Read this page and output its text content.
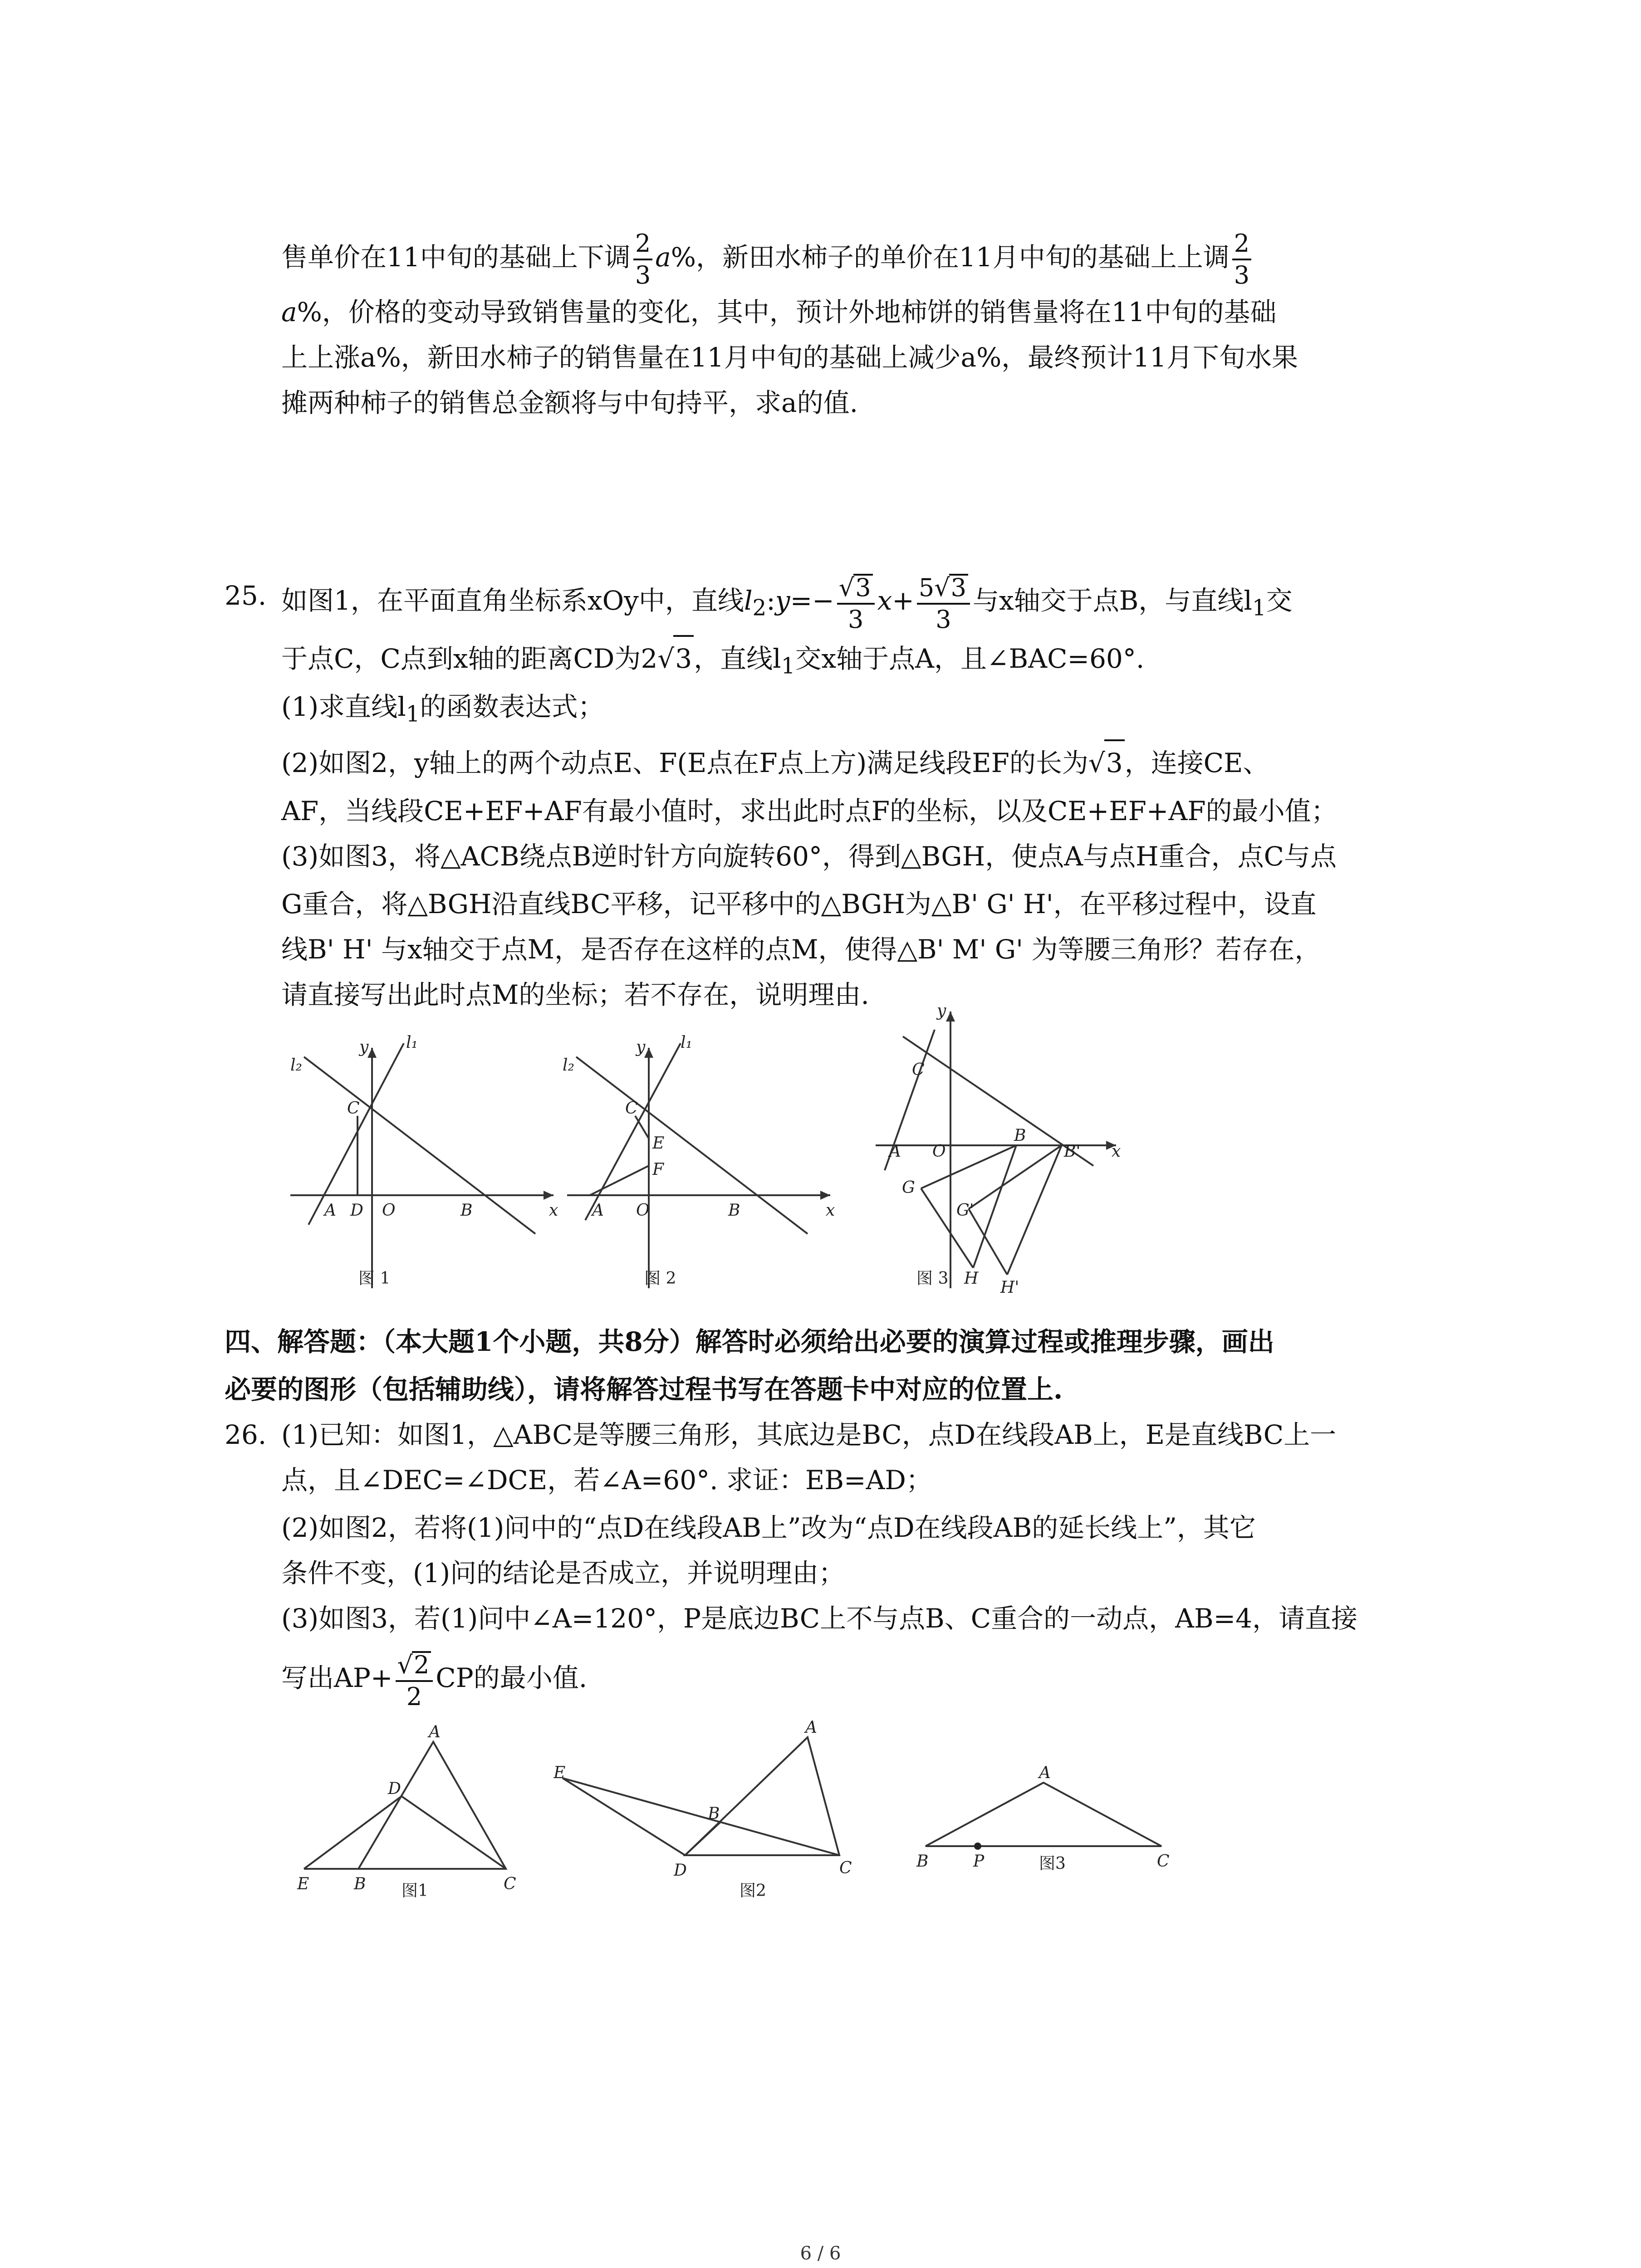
售单价在11中旬的基础上下调 $\frac{2}{3} a\%$，新田水柿子的单价在11月中旬的基础上上调 $\frac{2}{3}$
a%，价格的变动导致销售量的变化，其中，预计外地柿饼的销售量将在11中旬的基础
上上涨a%，新田水柿子的销售量在11月中旬的基础上减少a%，最终预计11月下旬水果
摊两种柿子的销售总金额将与中旬持平，求a的值.
25. 如图1，在平面直角坐标系xOy中，直线$l_2:y=- \frac{√3}{3} x+ \frac{5√3}{3}$ 与x轴交于点B，与直线$l_1$交
于点C，C点到x轴的距离CD为2√3，直线$l_1$交x轴于点A，且∠BAC=60°.
(1)求直线$l_1$的函数表达式；
(2)如图2，y轴上的两个动点E、F(E点在F点上方)满足线段EF的长为√3，连接CE、
AF，当线段CE+EF+AF有最小值时，求出此时点F的坐标，以及CE+EF+AF的最小值；
(3)如图3，将△ACB绕点B逆时针方向旋转60°，得到△BGH，使点A与点H重合，点C与点
G重合，将△BGH沿直线BC平移，记平移中的△BGH为△B' G' H'，在平移过程中，设直
线B' H' 与x轴交于点M，是否存在这样的点M，使得△B' M' G' 为等腰三角形？若存在，
请直接写出此时点M的坐标；若不存在，说明理由.
x
y l₁
l₂
C
A D O	B
图 1
x
y l₁
l₂
C
E
F
A O	B
图 2
x
y
C
A O
B
B'
G
G'
H H'
图 3
四、解答题：（本大题1个小题，共8分）解答时必须给出必要的演算过程或推理步骤，画出
必要的图形（包括辅助线），请将解答过程书写在答题卡中对应的位置上.
26. (1)已知：如图1，△ABC是等腰三角形，其底边是BC，点D在线段AB上，E是直线BC上一
点，且∠DEC=∠DCE，若∠A=60°. 求证：EB=AD；
(2)如图2，若将(1)问中的“点D在线段AB上”改为“点D在线段AB的延长线上”，其它
条件不变，(1)问的结论是否成立，并说明理由；
(3)如图3，若(1)问中∠A=120°，P是底边BC上不与点B、C重合的一动点，AB=4，请直接
写出$AP+ \frac{√2}{2}$ CP的最小值.
A
D
E	B	C
图1
A
B
E
D	C
图2
A
B	P	C
图3
6 / 6
